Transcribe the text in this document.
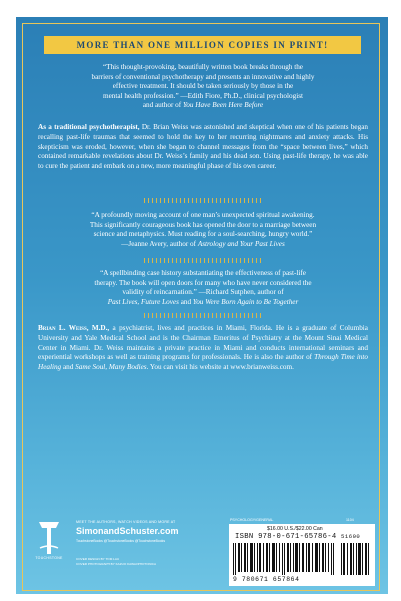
MORE THAN ONE MILLION COPIES IN PRINT!
“This thought-provoking, beautifully written book breaks through the
barriers of conventional psychotherapy and presents an innovative and highly
effective treatment. It should be taken seriously by those in the
mental health profession.” —Edith Fiore, Ph.D., clinical psychologist
and author of You Have Been Here Before
As a traditional psychotherapist, Dr. Brian Weiss was astonished and skeptical when one of his patients began recalling past-life traumas that seemed to hold the key to her recurring nightmares and anxiety attacks. His skepticism was eroded, however, when she began to channel messages from the “space between lives,” which contained remarkable revelations about Dr. Weiss’s family and his dead son. Using past-life therapy, he was able to cure the patient and embark on a new, more meaningful phase of his own career.
“A profoundly moving account of one man’s unexpected spiritual awakening.
This significantly courageous book has opened the door to a marriage between
science and metaphysics. Must reading for a soul-searching, hungry world.”
—Jeanne Avery, author of Astrology and Your Past Lives
“A spellbinding case history substantiating the effectiveness of past-life
therapy. The book will open doors for many who have never considered the
validity of reincarnation.” —Richard Sutphen, author of
Past Lives, Future Loves and You Were Born Again to Be Together
Brian L. Weiss, M.D., a psychiatrist, lives and practices in Miami, Florida. He is a graduate of Columbia University and Yale Medical School and is the Chairman Emeritus of Psychiatry at the Mount Sinai Medical Center in Miami. Dr. Weiss maintains a private practice in Miami and conducts international seminars and experiential workshops as well as training programs for professionals. He is also the author of Through Time into Healing and Same Soul, Many Bodies. You can visit his website at www.brianweiss.com.
TOUCHSTONE
MEET THE AUTHORS, WATCH VIDEOS AND MORE AT
SimonandSchuster.com
TouchstoneBooks @TouchstoneBooks @TouchstoneBooks
COVER DESIGN BY TOM LAU
COVER PHOTOGRAPH BY KAZUO KAWAI/PHOTONICA
PSYCHOLOGY/GENERAL	1104
$16.00 U.S./$22.00 Can
ISBN 978-0-671-65786-4 51600
9 780671 657864
